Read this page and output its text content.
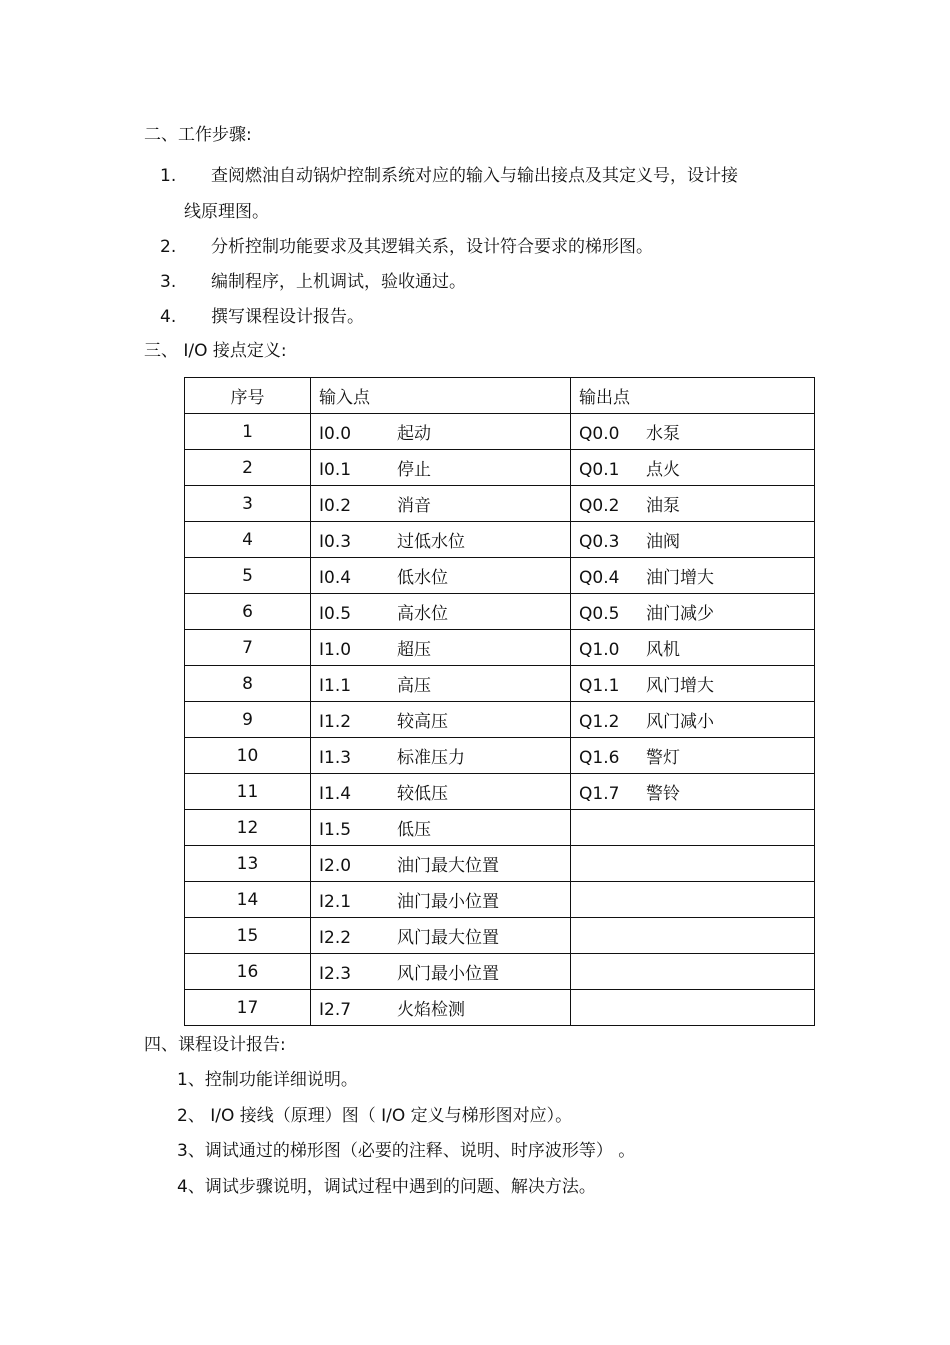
二、工作步骤:
1. 查阅燃油自动锅炉控制系统对应的输入与输出接点及其定义号，设计接
线原理图。
2. 分析控制功能要求及其逻辑关系，设计符合要求的梯形图。
3. 编制程序，上机调试，验收通过。
4. 撰写课程设计报告。
三、 I/O 接点定义:
序号	输入点	输出点
1	I0.0 起动	Q0.0 水泵
2	I0.1 停止	Q0.1 点火
3	I0.2 消音	Q0.2 油泵
4	I0.3 过低水位	Q0.3 油阀
5	I0.4 低水位	Q0.4 油门增大
6	I0.5 高水位	Q0.5 油门减少
7	I1.0 超压	Q1.0 风机
8	I1.1 高压	Q1.1 风门增大
9	I1.2 较高压	Q1.2 风门减小
10	I1.3 标准压力	Q1.6 警灯
11	I1.4 较低压	Q1.7 警铃
12	I1.5 低压	
13	I2.0 油门最大位置	
14	I2.1 油门最小位置	
15	I2.2 风门最大位置	
16	I2.3 风门最小位置	
17	I2.7 火焰检测	
四、课程设计报告:
1、控制功能详细说明。
2、 I/O 接线（原理）图（ I/O 定义与梯形图对应）。
3、调试通过的梯形图（必要的注释、说明、时序波形等） 。
4、调试步骤说明，调试过程中遇到的问题、解决方法。
